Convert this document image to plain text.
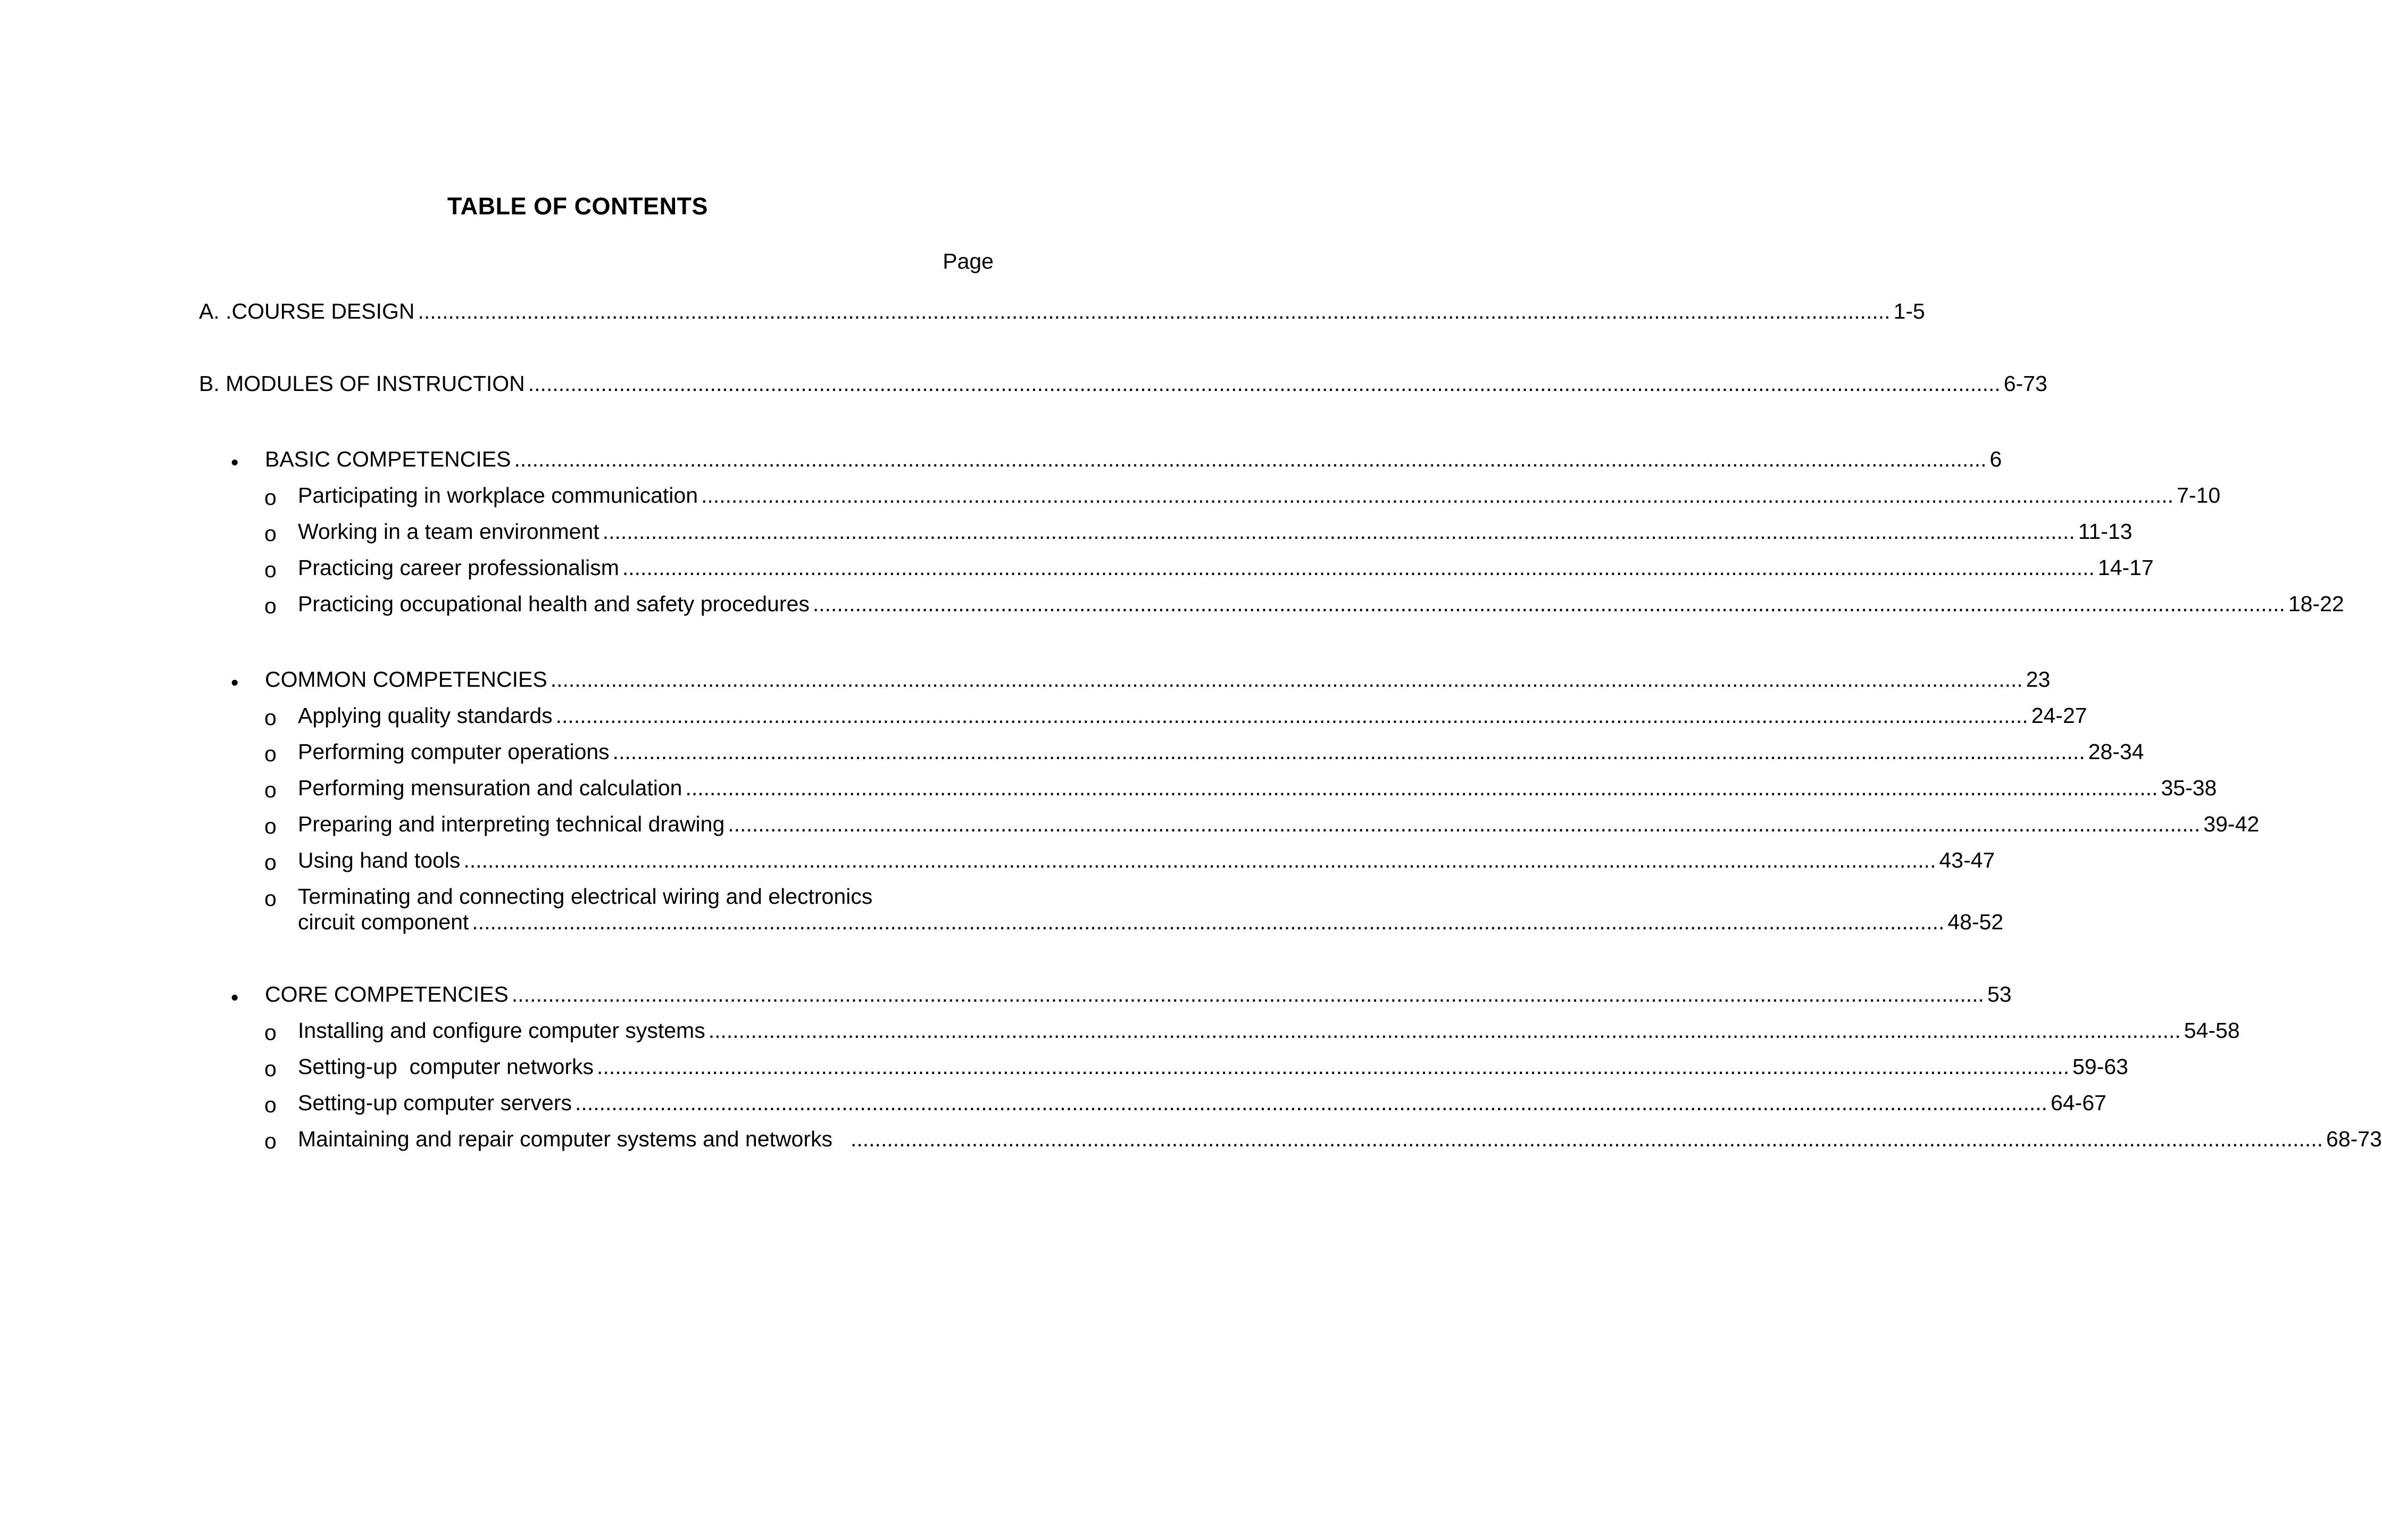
TABLE OF CONTENTS
Page
A. .COURSE DESIGN ................................................................................................................................................................................................................................................... 1-5
B. MODULES OF INSTRUCTION ................................................................................................................................................................................................................................................... 6-73
• BASIC COMPETENCIES ................................................................................................................................................................................................................................................... 6
o Participating in workplace communication ................................................................................................................................................................................................................................................... 7-10
o Working in a team environment ................................................................................................................................................................................................................................................... 11-13
o Practicing career professionalism ................................................................................................................................................................................................................................................... 14-17
o Practicing occupational health and safety procedures ................................................................................................................................................................................................................................................... 18-22
• COMMON COMPETENCIES ................................................................................................................................................................................................................................................... 23
o Applying quality standards ................................................................................................................................................................................................................................................... 24-27
o Performing computer operations ................................................................................................................................................................................................................................................... 28-34
o Performing mensuration and calculation ................................................................................................................................................................................................................................................... 35-38
o Preparing and interpreting technical drawing ................................................................................................................................................................................................................................................... 39-42
o Using hand tools ................................................................................................................................................................................................................................................... 43-47
o Terminating and connecting electrical wiring and electronics
circuit component ................................................................................................................................................................................................................................................... 48-52
• CORE COMPETENCIES ................................................................................................................................................................................................................................................... 53
o Installing and configure computer systems ................................................................................................................................................................................................................................................... 54-58
o Setting-up  computer networks ................................................................................................................................................................................................................................................... 59-63
o Setting-up computer servers ................................................................................................................................................................................................................................................... 64-67
o Maintaining and repair computer systems and networks ................................................................................................................................................................................................................................................... 68-73
